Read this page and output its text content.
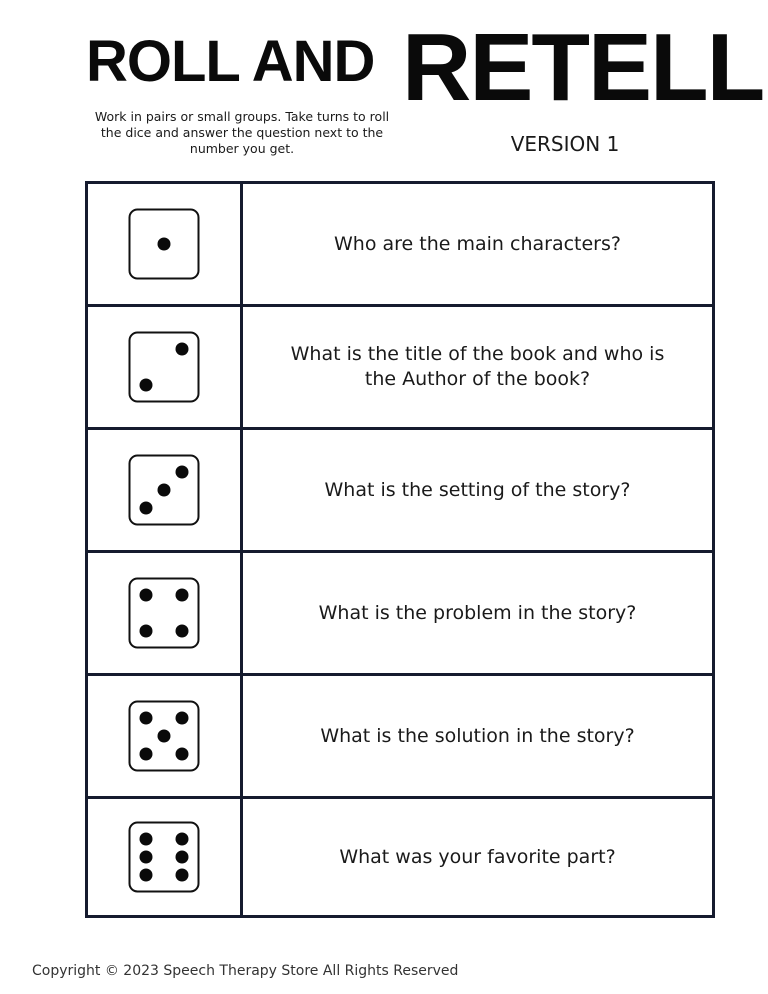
ROLL AND RETELL
Work in pairs or small groups. Take turns to roll the dice and answer the question next to the number you get.	VERSION 1
Who are the main characters?
What is the title of the book and who is the Author of the book?
What is the setting of the story?
What is the problem in the story?
What is the solution in the story?
What was your favorite part?
Copyright © 2023 Speech Therapy Store All Rights Reserved
